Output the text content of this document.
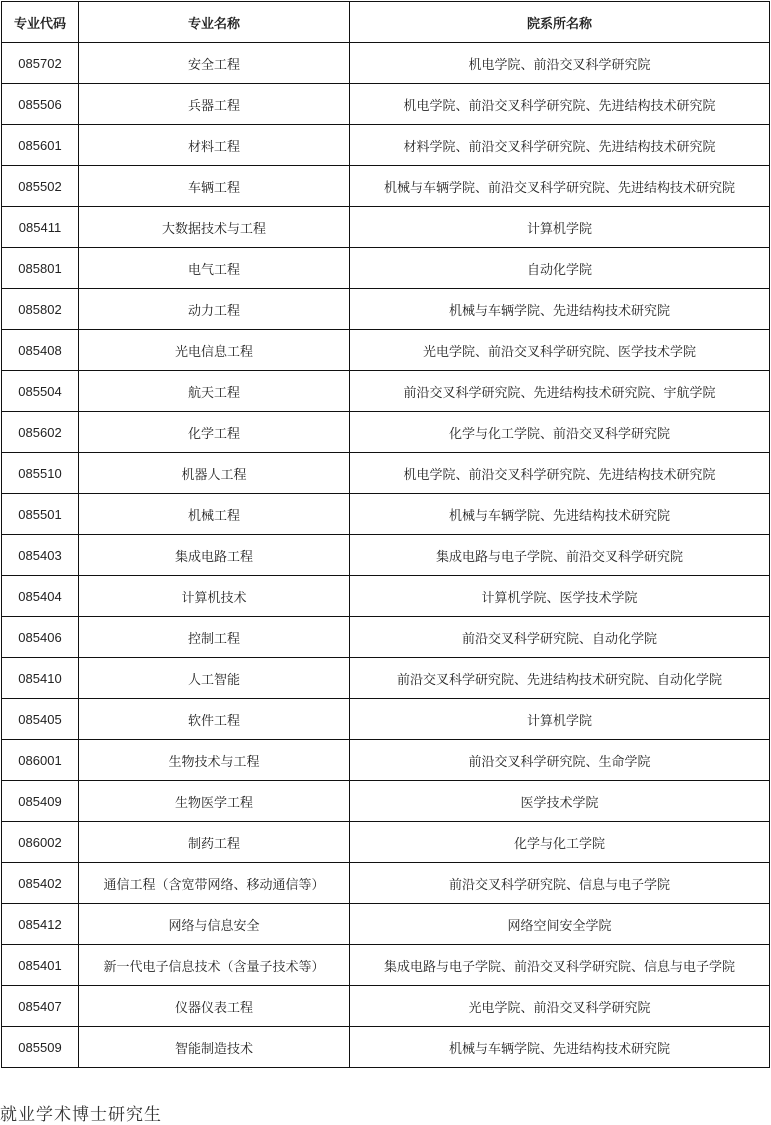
专业代码	专业名称	院系所名称
085702	安全工程	机电学院、前沿交叉科学研究院
085506	兵器工程	机电学院、前沿交叉科学研究院、先进结构技术研究院
085601	材料工程	材料学院、前沿交叉科学研究院、先进结构技术研究院
085502	车辆工程	机械与车辆学院、前沿交叉科学研究院、先进结构技术研究院
085411	大数据技术与工程	计算机学院
085801	电气工程	自动化学院
085802	动力工程	机械与车辆学院、先进结构技术研究院
085408	光电信息工程	光电学院、前沿交叉科学研究院、医学技术学院
085504	航天工程	前沿交叉科学研究院、先进结构技术研究院、宇航学院
085602	化学工程	化学与化工学院、前沿交叉科学研究院
085510	机器人工程	机电学院、前沿交叉科学研究院、先进结构技术研究院
085501	机械工程	机械与车辆学院、先进结构技术研究院
085403	集成电路工程	集成电路与电子学院、前沿交叉科学研究院
085404	计算机技术	计算机学院、医学技术学院
085406	控制工程	前沿交叉科学研究院、自动化学院
085410	人工智能	前沿交叉科学研究院、先进结构技术研究院、自动化学院
085405	软件工程	计算机学院
086001	生物技术与工程	前沿交叉科学研究院、生命学院
085409	生物医学工程	医学技术学院
086002	制药工程	化学与化工学院
085402	通信工程（含宽带网络、移动通信等）	前沿交叉科学研究院、信息与电子学院
085412	网络与信息安全	网络空间安全学院
085401	新一代电子信息技术（含量子技术等）	集成电路与电子学院、前沿交叉科学研究院、信息与电子学院
085407	仪器仪表工程	光电学院、前沿交叉科学研究院
085509	智能制造技术	机械与车辆学院、先进结构技术研究院
就业学术博士研究生
